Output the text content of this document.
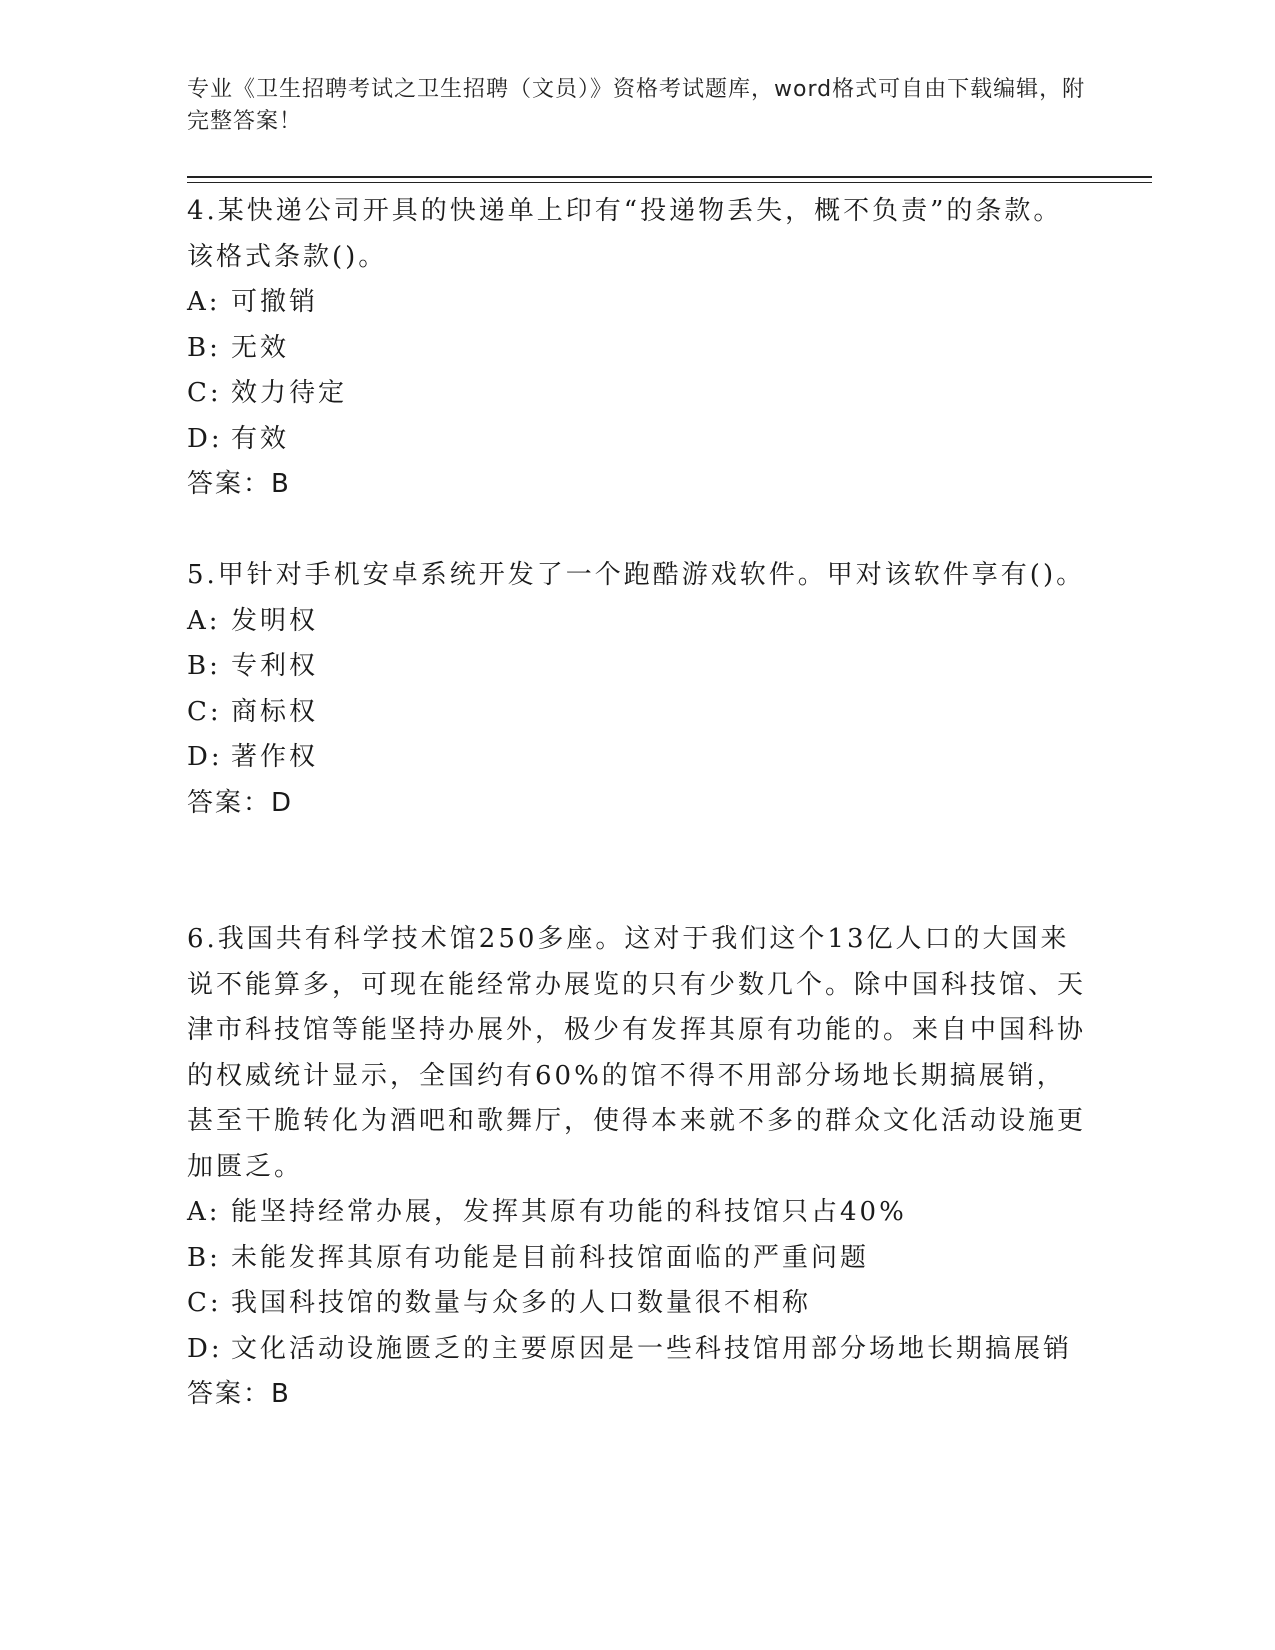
专业《卫生招聘考试之卫生招聘（文员）》资格考试题库，word格式可自由下载编辑，附完整答案！

4.某快递公司开具的快递单上印有“投递物丢失，概不负责”的条款。该格式条款()。

A: 可撤销

B: 无效

C: 效力待定

D: 有效

答案：B

5.甲针对手机安卓系统开发了一个跑酷游戏软件。甲对该软件享有()。

A: 发明权

B: 专利权

C: 商标权

D: 著作权

答案：D

6.我国共有科学技术馆250多座。这对于我们这个13亿人口的大国来说不能算多，可现在能经常办展览的只有少数几个。除中国科技馆、天津市科技馆等能坚持办展外，极少有发挥其原有功能的。来自中国科协的权威统计显示，全国约有60%的馆不得不用部分场地长期搞展销，甚至干脆转化为酒吧和歌舞厅，使得本来就不多的群众文化活动设施更加匮乏。

A: 能坚持经常办展，发挥其原有功能的科技馆只占40%

B: 未能发挥其原有功能是目前科技馆面临的严重问题

C: 我国科技馆的数量与众多的人口数量很不相称

D: 文化活动设施匮乏的主要原因是一些科技馆用部分场地长期搞展销

答案：B
